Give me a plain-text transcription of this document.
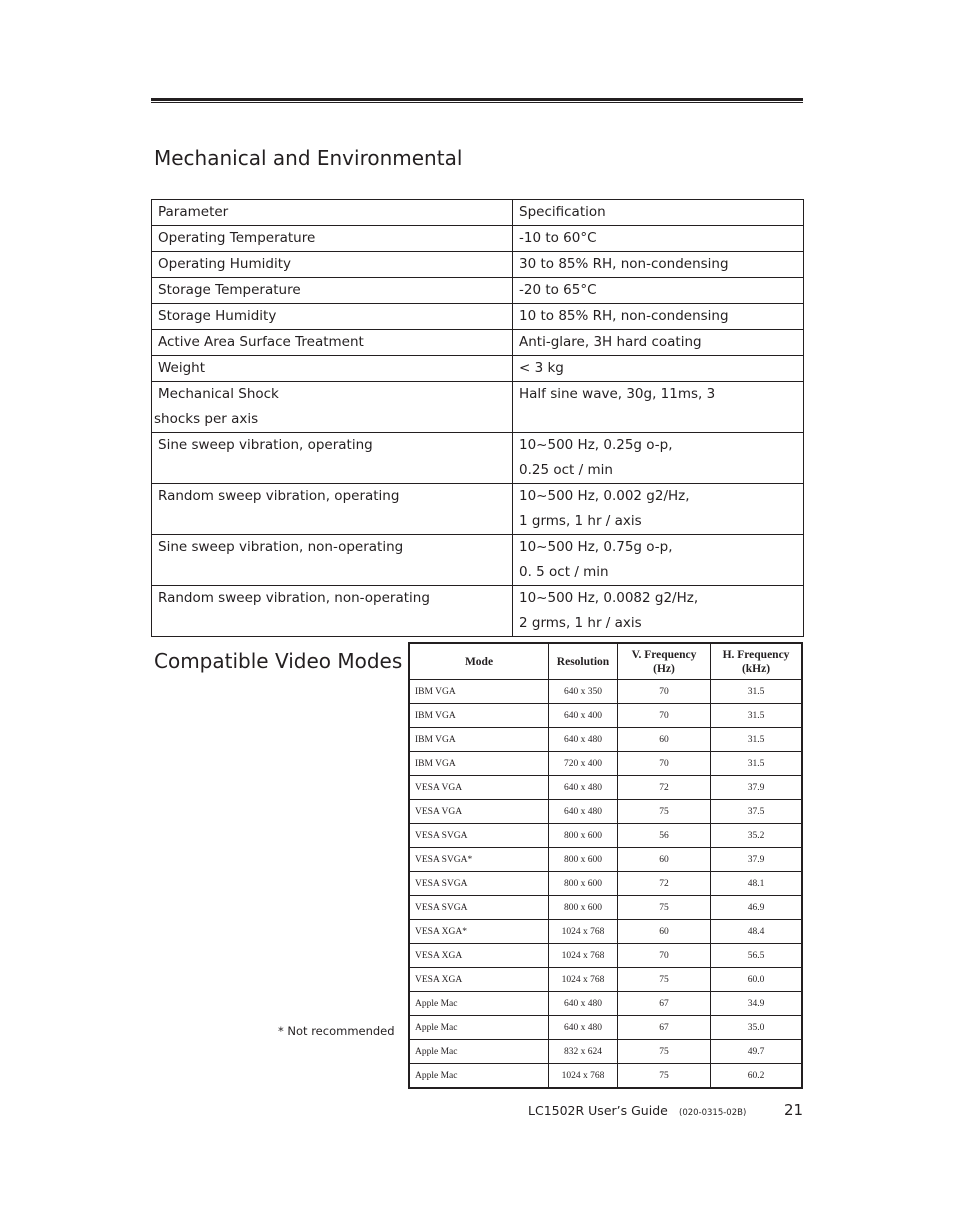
Mechanical and Environmental
Parameter	Specification

Operating Temperature	-10 to 60°C

Operating Humidity	30 to 85% RH, non-condensing

Storage Temperature	-20 to 65°C

Storage Humidity	10 to 85% RH, non-condensing

Active Area Surface Treatment	Anti-glare, 3H hard coating

Weight	< 3 kg

Mechanical Shock
shocks per axis	Half sine wave, 30g, 11ms, 3

Sine sweep vibration, operating	10~500 Hz, 0.25g o-p,
0.25 oct / min

Random sweep vibration, operating	10~500 Hz, 0.002 g2/Hz,
1 grms, 1 hr / axis

Sine sweep vibration, non-operating	10~500 Hz, 0.75g o-p,
0. 5 oct / min

Random sweep vibration, non-operating	10~500 Hz, 0.0082 g2/Hz,
2 grms, 1 hr / axis
Compatible Video Modes	Mode	Resolution	V. Frequency (Hz)	H. Frequency (kHz)
IBM VGA	640 x 350	70	31.5
IBM VGA	640 x 400	70	31.5
IBM VGA	640 x 480	60	31.5
IBM VGA	720 x 400	70	31.5
VESA VGA	640 x 480	72	37.9
VESA VGA	640 x 480	75	37.5
VESA SVGA	800 x 600	56	35.2
VESA SVGA*	800 x 600	60	37.9
VESA SVGA	800 x 600	72	48.1
VESA SVGA	800 x 600	75	46.9
VESA XGA*	1024 x 768	60	48.4
VESA XGA	1024 x 768	70	56.5
VESA XGA	1024 x 768	75	60.0
Apple Mac	640 x 480	67	34.9
Apple Mac	640 x 480	67	35.0
Apple Mac	832 x 624	75	49.7
Apple Mac	1024 x 768	75	60.2
* Not recommended
LC1502R User’s Guide (020-0315-02B)	21
